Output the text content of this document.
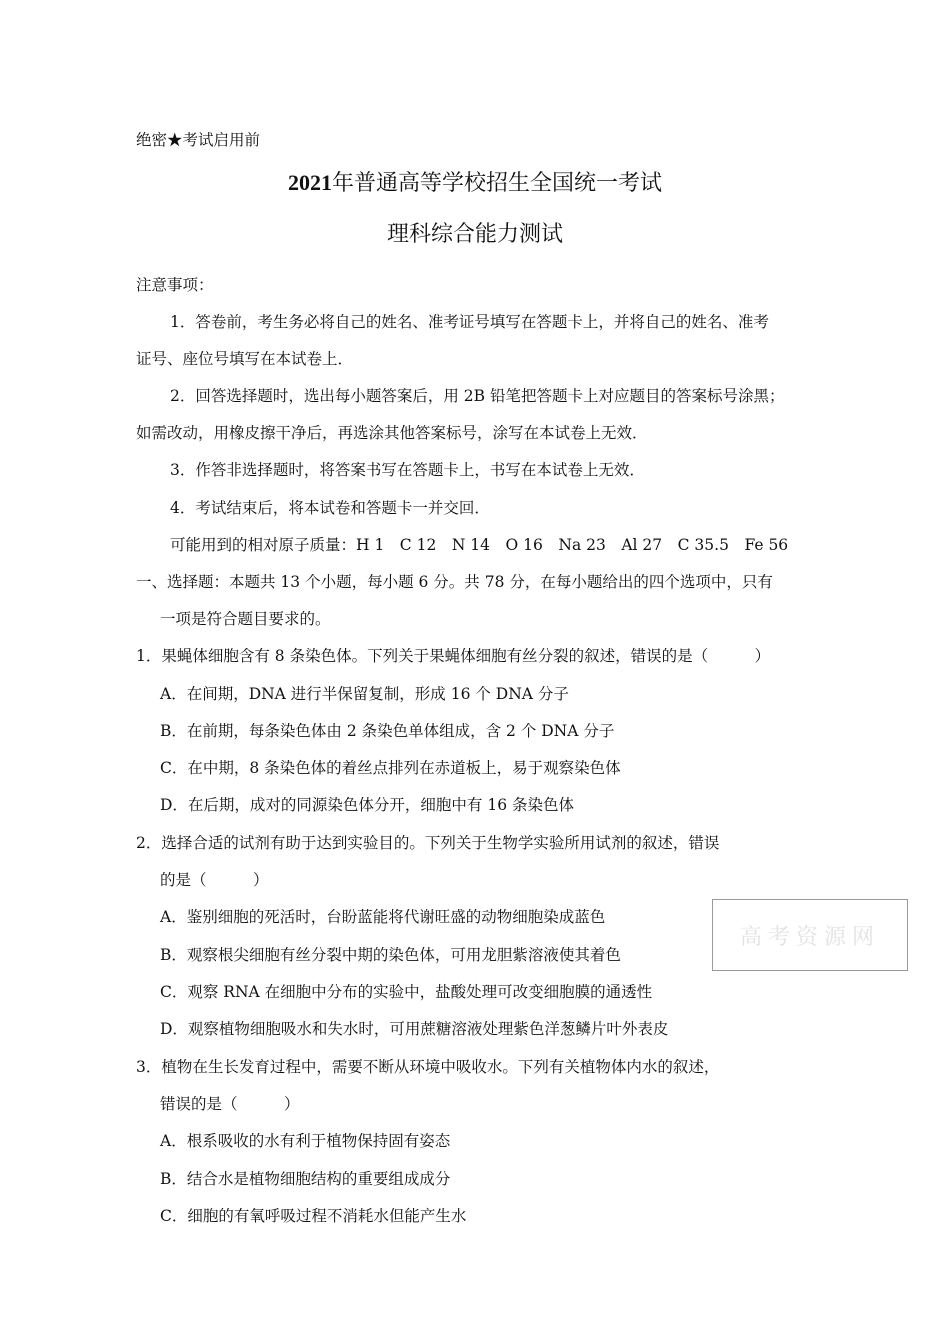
绝密★考试启用前
2021年普通高等学校招生全国统一考试
理科综合能力测试
注意事项：
1．答卷前，考生务必将自己的姓名、准考证号填写在答题卡上，并将自己的姓名、准考
证号、座位号填写在本试卷上．
2．回答选择题时，选出每小题答案后，用 2B 铅笔把答题卡上对应题目的答案标号涂黑；
如需改动，用橡皮擦干净后，再选涂其他答案标号，涂写在本试卷上无效．
3．作答非选择题时，将答案书写在答题卡上，书写在本试卷上无效．
4．考试结束后，将本试卷和答题卡一并交回．
可能用到的相对原子质量：H 1　C 12　N 14　O 16　Na 23　Al 27　C 35.5　Fe 56
一、选择题：本题共 13 个小题，每小题 6 分。共 78 分，在每小题给出的四个选项中，只有
一项是符合题目要求的。
1．果蝇体细胞含有 8 条染色体。下列关于果蝇体细胞有丝分裂的叙述，错误的是（　　　）
A．在间期，DNA 进行半保留复制，形成 16 个 DNA 分子
B．在前期，每条染色体由 2 条染色单体组成，含 2 个 DNA 分子
C．在中期，8 条染色体的着丝点排列在赤道板上，易于观察染色体
D．在后期，成对的同源染色体分开，细胞中有 16 条染色体
2．选择合适的试剂有助于达到实验目的。下列关于生物学实验所用试剂的叙述，错误
的是（　　　）
A．鉴别细胞的死活时，台盼蓝能将代谢旺盛的动物细胞染成蓝色
B．观察根尖细胞有丝分裂中期的染色体，可用龙胆紫溶液使其着色
C．观察 RNA 在细胞中分布的实验中，盐酸处理可改变细胞膜的通透性
D．观察植物细胞吸水和失水时，可用蔗糖溶液处理紫色洋葱鳞片叶外表皮
3．植物在生长发育过程中，需要不断从环境中吸收水。下列有关植物体内水的叙述，
错误的是（　　　）
A．根系吸收的水有利于植物保持固有姿态
B．结合水是植物细胞结构的重要组成成分
C．细胞的有氧呼吸过程不消耗水但能产生水
高考资源网
